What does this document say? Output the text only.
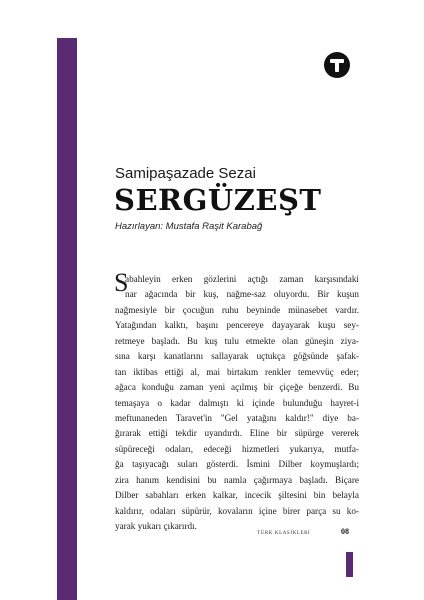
Samipaşazade Sezai

SERGÜZEŞT

Hazırlayan: Mustafa Raşit Karabağ

S
abahleyin erken gözlerini açtığı zaman karşısındaki
nar ağacında bir kuş, nağme-saz oluyordu. Bir kuşun
nağmesiyle bir çocuğun ruhu beyninde münasebet vardır.
Yatağından kalktı, başını pencereye dayayarak kuşu sey-
retmeye başladı. Bu kuş tulu etmekte olan güneşin ziya-
sına karşı kanatlarını sallayarak uçtukça göğsünde şafak-
tan iktibas ettiği al, mai birtakım renkler temevvüç eder;
ağaca konduğu zaman yeni açılmış bir çiçeğe benzerdi. Bu
temaşaya o kadar dalmıştı ki içinde bulunduğu hayret-i
meftunaneden Taravet'in "Gel yatağını kaldır!" diye ba-
ğırarak ettiği tekdir uyandırdı. Eline bir süpürge vererek
süpüreceği odaları, edeceği hizmetleri yukarıya, mutfa-
ğa taşıyacağı suları gösterdi. İsmini Dilber koymuşlardı;
zira hanım kendisini bu namla çağırmaya başladı. Biçare
Dilber sabahları erken kalkar, incecik şiltesini bin belayla
kaldırır, odaları süpürür, kovaların içine birer parça su ko-
yarak yukarı çıkarırdı.
TÜRK KLASİKLERİ	08
